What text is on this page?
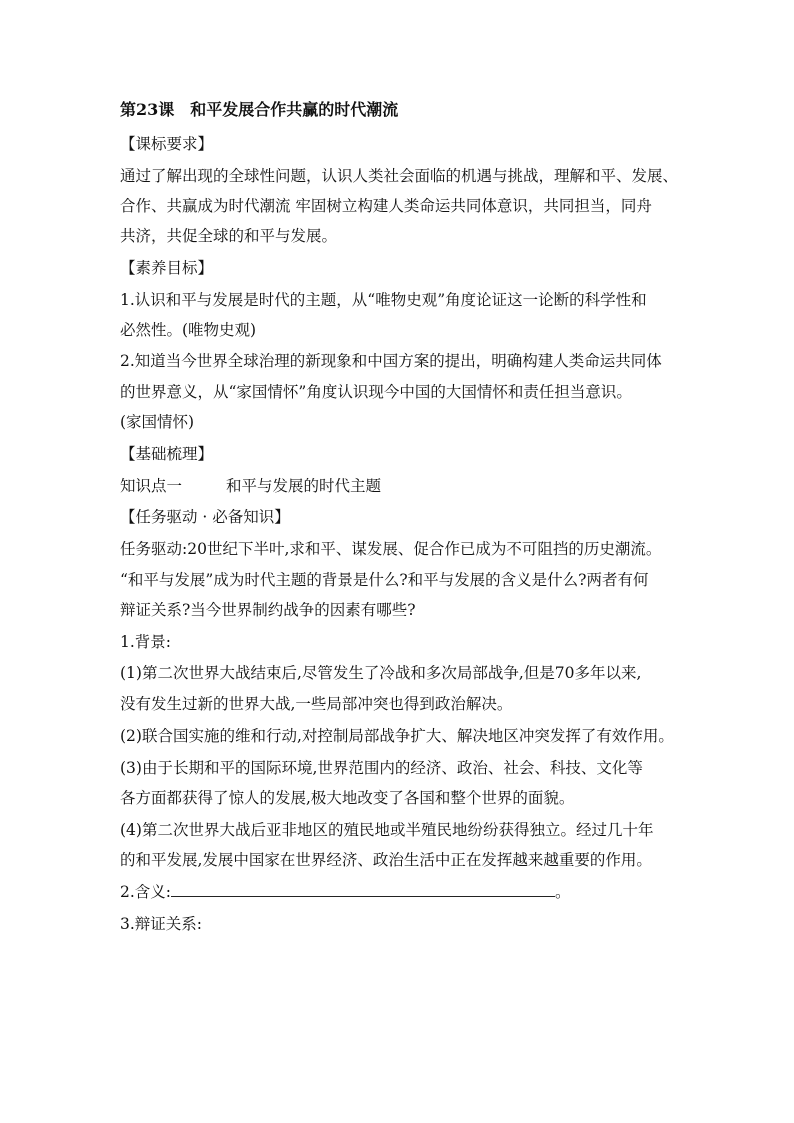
第23课　和平发展合作共赢的时代潮流
【课标要求】
通过了解出现的全球性问题，认识人类社会面临的机遇与挑战，理解和平、发展、
合作、共赢成为时代潮流 牢固树立构建人类命运共同体意识，共同担当，同舟
共济，共促全球的和平与发展。
【素养目标】
1.认识和平与发展是时代的主题，从“唯物史观”角度论证这一论断的科学性和
必然性。(唯物史观)
2.知道当今世界全球治理的新现象和中国方案的提出，明确构建人类命运共同体
的世界意义，从“家国情怀”角度认识现今中国的大国情怀和责任担当意识。
(家国情怀)
【基础梳理】
知识点一	和平与发展的时代主题
【任务驱动 · 必备知识】
任务驱动:20世纪下半叶,求和平、谋发展、促合作已成为不可阻挡的历史潮流。
“和平与发展”成为时代主题的背景是什么?和平与发展的含义是什么?两者有何
辩证关系?当今世界制约战争的因素有哪些?
1.背景:
(1)第二次世界大战结束后,尽管发生了冷战和多次局部战争,但是70多年以来,
没有发生过新的世界大战,一些局部冲突也得到政治解决。
(2)联合国实施的维和行动,对控制局部战争扩大、解决地区冲突发挥了有效作用。
(3)由于长期和平的国际环境,世界范围内的经济、政治、社会、科技、文化等
各方面都获得了惊人的发展,极大地改变了各国和整个世界的面貌。
(4)第二次世界大战后亚非地区的殖民地或半殖民地纷纷获得独立。经过几十年
的和平发展,发展中国家在世界经济、政治生活中正在发挥越来越重要的作用。
2.含义:	。
3.辩证关系:
